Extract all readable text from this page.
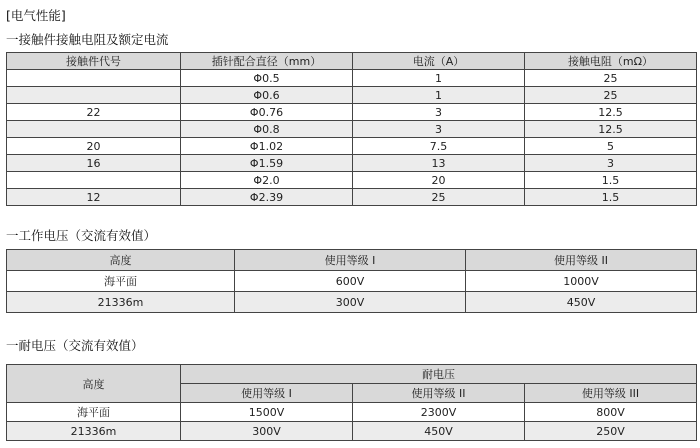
[电气性能]
一接触件接触电阻及额定电流
接触件代号	插针配合直径（mm）	电流（A）	接触电阻（mΩ）
	Φ0.5	1	25
	Φ0.6	1	25
22	Φ0.76	3	12.5
	Φ0.8	3	12.5
20	Φ1.02	7.5	5
16	Φ1.59	13	3
	Φ2.0	20	1.5
12	Φ2.39	25	1.5
一工作电压（交流有效值）
高度	使用等级 I	使用等级 II
海平面	600V	1000V
21336m	300V	450V
一耐电压（交流有效值）
高度	耐电压		
	使用等级 I	使用等级 II	使用等级 III
海平面	1500V	2300V	800V
21336m	300V	450V	250V
